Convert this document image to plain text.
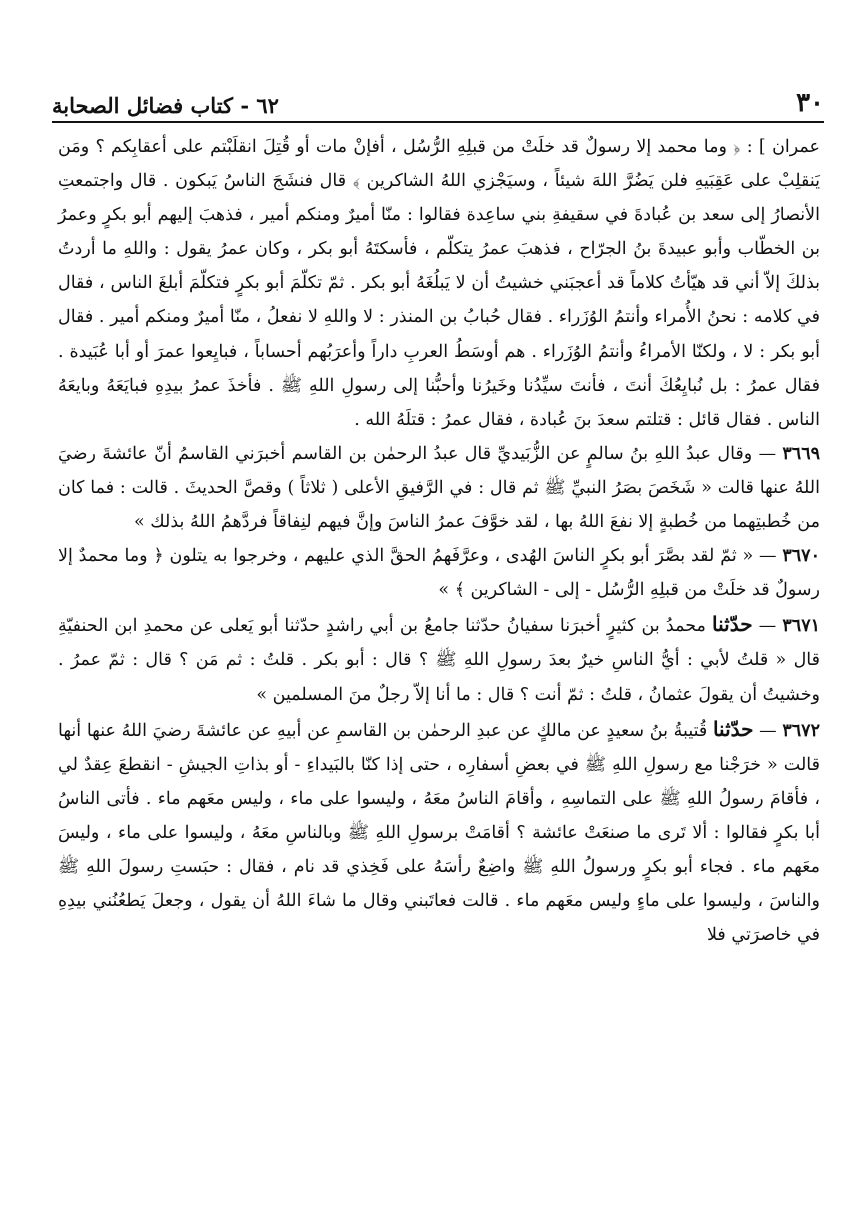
٣٠
٦٢ - كتاب فضائل الصحابة

عمران ] : ﴿ وما محمد إلا رسولٌ قد خلَتْ من قبلِهِ الرُّسُل ، أفإنْ مات أو قُتِلَ انقلَبْتم على أعقابِكم ؟ ومَن يَنقلِبْ على عَقِبَيهِ فلن يَضُرَّ اللهَ شيئاً ، وسيَجْزي اللهُ الشاكرين ﴾ قال فنشَجَ الناسُ يَبكون . قال واجتمعتِ الأنصارُ إلى سعد بن عُبادةَ في سقيفةِ بني ساعِدة فقالوا : منّا أميرٌ ومنكم أمير ، فذهبَ إليهم أبو بكرٍ وعمرُ بن الخطّاب وأبو عبيدةَ بنُ الجرّاح ، فذهبَ عمرُ يتكلّم ، فأسكتَهُ أبو بكر ، وكان عمرُ يقول : واللهِ ما أردتُ بذلكَ إلاّ أني قد هيّأتُ كلاماً قد أعجبَني خشيتُ أن لا يَبلُغَهُ أبو بكر . ثمّ تكلّمَ أبو بكرٍ فتكلّمَ أبلغَ الناس ، فقال في كلامه : نحنُ الأُمراء وأنتمُ الوُزَراء . فقال حُبابُ بن المنذر : لا واللهِ لا نفعلُ ، منّا أميرٌ ومنكم أمير . فقال أبو بكر : لا ، ولكنّا الأمراءُ وأنتمُ الوُزَراء . هم أوسَطُ العربِ داراً وأعرَبُهم أحساباً ، فبايِعوا عمرَ أو أبا عُبَيدة . فقال عمرُ : بل نُبايِعُكَ أنتَ ، فأنتَ سيِّدُنا وخَيرُنا وأحبُّنا إلى رسولِ اللهِ ﷺ . فأخذَ عمرُ بيدِهِ فبايَعَهُ وبايعَهُ الناس . فقال قائل : قتلتم سعدَ بنَ عُبادة ، فقال عمرُ : قتلَهُ الله .

٣٦٦٩ — وقال عبدُ اللهِ بنُ سالمٍ عن الزُّبَيديِّ قال عبدُ الرحمٰن بن القاسم أخبرَني القاسمُ أنّ عائشةَ رضيَ اللهُ عنها قالت « شَخَصَ بصَرُ النبيِّ ﷺ ثم قال : في الرَّفيقِ الأعلى ( ثلاثاً ) وقصَّ الحديثَ . قالت : فما كان من خُطبتِهما من خُطبةٍ إلا نفعَ اللهُ بها ، لقد خوَّفَ عمرُ الناسَ وإنَّ فيهم لنِفاقاً فردَّهمُ اللهُ بذلك »

٣٦٧٠ — « ثمّ لقد بصَّرَ أبو بكرٍ الناسَ الهُدى ، وعرَّفَهمُ الحقَّ الذي عليهم ، وخرجوا به يتلون ﴿ وما محمدٌ إلا رسولٌ قد خلَتْ من قبلِهِ الرُّسُل - إلى - الشاكرين ﴾ »

٣٦٧١ — حدّثنا محمدُ بن كثيرٍ أخبرَنا سفيانُ حدّثنا جامعُ بن أبي راشدٍ حدّثنا أبو يَعلى عن محمدِ ابن الحنفيّةِ قال « قلتُ لأبي : أيُّ الناسِ خيرٌ بعدَ رسولِ اللهِ ﷺ ؟ قال : أبو بكر . قلتُ : ثم مَن ؟ قال : ثمّ عمرُ . وخشيتُ أن يقولَ عثمانُ ، قلتُ : ثمّ أنت ؟ قال : ما أنا إلاّ رجلٌ منَ المسلمين »

٣٦٧٢ — حدّثنا قُتيبةُ بنُ سعيدٍ عن مالكٍ عن عبدِ الرحمٰن بن القاسمِ عن أبيهِ عن عائشةَ رضيَ اللهُ عنها أنها قالت « خرَجْنا مع رسولِ اللهِ ﷺ في بعضِ أسفارِه ، حتى إذا كنّا بالبَيداءِ - أو بذاتِ الجيشِ - انقطعَ عِقدٌ لي ، فأقامَ رسولُ اللهِ ﷺ على التماسِهِ ، وأقامَ الناسُ معَهُ ، وليسوا على ماء ، وليس معَهم ماء . فأتى الناسُ أبا بكرٍ فقالوا : ألا تَرى ما صنعَتْ عائشة ؟ أقامَتْ برسولِ اللهِ ﷺ وبالناسِ معَهُ ، وليسوا على ماء ، وليسَ معَهم ماء . فجاء أبو بكرٍ ورسولُ اللهِ ﷺ واضِعٌ رأسَهُ على فَخِذي قد نام ، فقال : حبَستِ رسولَ اللهِ ﷺ والناسَ ، وليسوا على ماءٍ وليس معَهم ماء . قالت فعاتَبني وقال ما شاءَ اللهُ أن يقول ، وجعلَ يَطعُنُني بيدِهِ في خاصرَتي فلا
